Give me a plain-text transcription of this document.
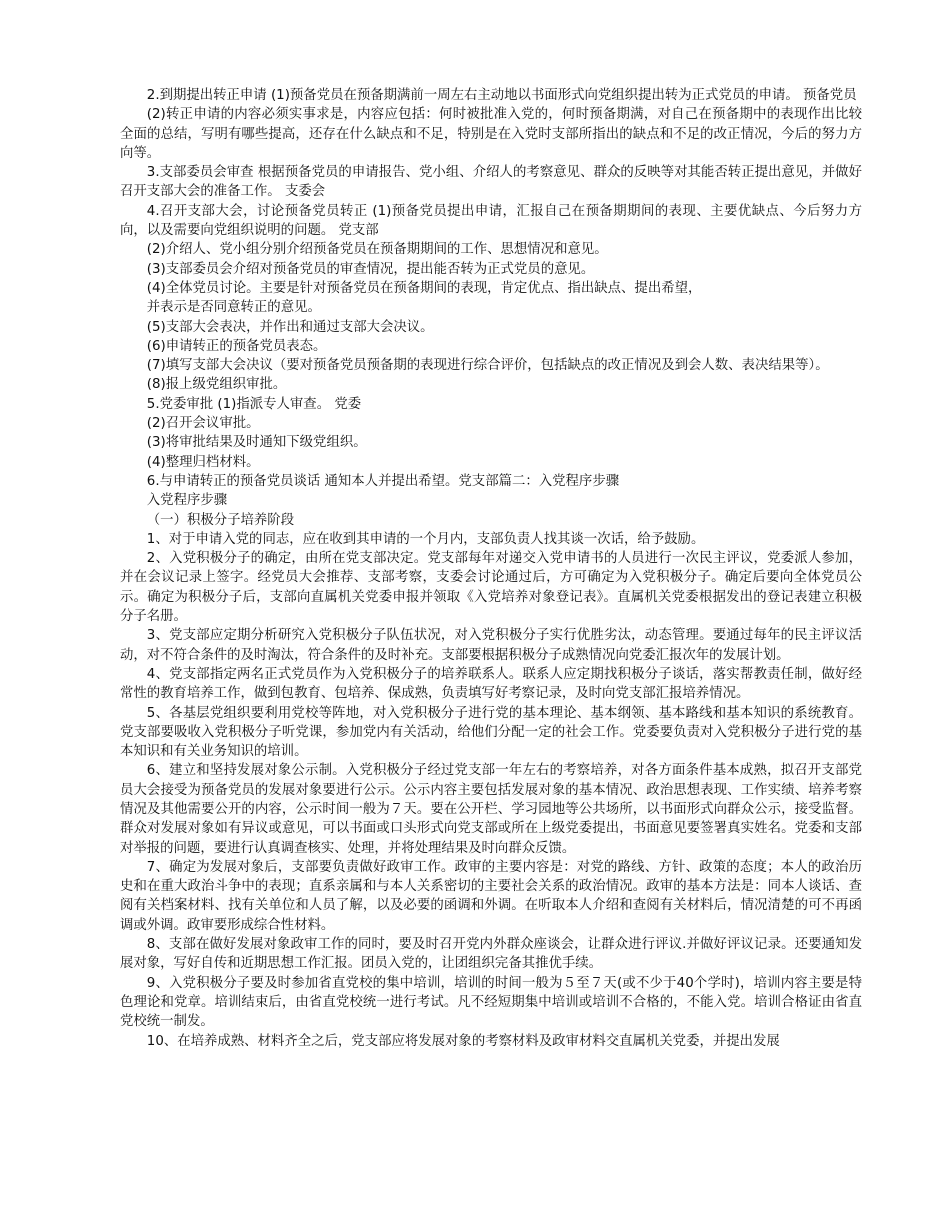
2.到期提出转正申请 (1)预备党员在预备期满前一周左右主动地以书面形式向党组织提出转为正式党员的申请。 预备党员

(2)转正申请的内容必须实事求是，内容应包括：何时被批准入党的，何时预备期满，对自己在预备期中的表现作出比较全面的总结，写明有哪些提高，还存在什么缺点和不足，特别是在入党时支部所指出的缺点和不足的改正情况，今后的努力方向等。

3.支部委员会审查 根据预备党员的申请报告、党小组、介绍人的考察意见、群众的反映等对其能否转正提出意见，并做好召开支部大会的准备工作。 支委会

4.召开支部大会，讨论预备党员转正 (1)预备党员提出申请，汇报自己在预备期期间的表现、主要优缺点、今后努力方向，以及需要向党组织说明的问题。 党支部

(2)介绍人、党小组分别介绍预备党员在预备期期间的工作、思想情况和意见。

(3)支部委员会介绍对预备党员的审查情况，提出能否转为正式党员的意见。

(4)全体党员讨论。主要是针对预备党员在预备期间的表现，肯定优点、指出缺点、提出希望，

并表示是否同意转正的意见。

(5)支部大会表决，并作出和通过支部大会决议。

(6)申请转正的预备党员表态。

(7)填写支部大会决议（要对预备党员预备期的表现进行综合评价，包括缺点的改正情况及到会人数、表决结果等）。

(8)报上级党组织审批。

5.党委审批 (1)指派专人审查。 党委

(2)召开会议审批。

(3)将审批结果及时通知下级党组织。

(4)整理归档材料。

6.与申请转正的预备党员谈话 通知本人并提出希望。党支部篇二：入党程序步骤

入党程序步骤

（一）积极分子培养阶段

1、对于申请入党的同志，应在收到其申请的一个月内，支部负责人找其谈一次话，给予鼓励。

2、入党积极分子的确定，由所在党支部决定。党支部每年对递交入党申请书的人员进行一次民主评议，党委派人参加，并在会议记录上签字。经党员大会推荐、支部考察，支委会讨论通过后，方可确定为入党积极分子。确定后要向全体党员公示。确定为积极分子后，支部向直属机关党委申报并领取《入党培养对象登记表》。直属机关党委根据发出的登记表建立积极分子名册。

3、党支部应定期分析研究入党积极分子队伍状况，对入党积极分子实行优胜劣汰，动态管理。要通过每年的民主评议活动，对不符合条件的及时淘汰，符合条件的及时补充。支部要根据积极分子成熟情况向党委汇报次年的发展计划。

4、党支部指定两名正式党员作为入党积极分子的培养联系人。联系人应定期找积极分子谈话，落实帮教责任制，做好经常性的教育培养工作，做到包教育、包培养、保成熟，负责填写好考察记录，及时向党支部汇报培养情况。

5、各基层党组织要利用党校等阵地，对入党积极分子进行党的基本理论、基本纲领、基本路线和基本知识的系统教育。党支部要吸收入党积极分子听党课，参加党内有关活动，给他们分配一定的社会工作。党委要负责对入党积极分子进行党的基本知识和有关业务知识的培训。

6、建立和坚持发展对象公示制。入党积极分子经过党支部一年左右的考察培养，对各方面条件基本成熟，拟召开支部党员大会接受为预备党员的发展对象要进行公示。公示内容主要包括发展对象的基本情况、政治思想表现、工作实绩、培养考察情况及其他需要公开的内容，公示时间一般为７天。要在公开栏、学习园地等公共场所，以书面形式向群众公示，接受监督。群众对发展对象如有异议或意见，可以书面或口头形式向党支部或所在上级党委提出，书面意见要签署真实姓名。党委和支部对举报的问题，要进行认真调查核实、处理，并将处理结果及时向群众反馈。

7、确定为发展对象后，支部要负责做好政审工作。政审的主要内容是：对党的路线、方针、政策的态度；本人的政治历史和在重大政治斗争中的表现；直系亲属和与本人关系密切的主要社会关系的政治情况。政审的基本方法是：同本人谈话、查阅有关档案材料、找有关单位和人员了解，以及必要的函调和外调。在听取本人介绍和查阅有关材料后，情况清楚的可不再函调或外调。政审要形成综合性材料。

8、支部在做好发展对象政审工作的同时，要及时召开党内外群众座谈会，让群众进行评议.并做好评议记录。还要通知发展对象，写好自传和近期思想工作汇报。团员入党的，让团组织完备其推优手续。

9、入党积极分子要及时参加省直党校的集中培训，培训的时间一般为５至７天(或不少于40个学时)，培训内容主要是特色理论和党章。培训结束后，由省直党校统一进行考试。凡不经短期集中培训或培训不合格的，不能入党。培训合格证由省直党校统一制发。

10、在培养成熟、材料齐全之后，党支部应将发展对象的考察材料及政审材料交直属机关党委，并提出发展
